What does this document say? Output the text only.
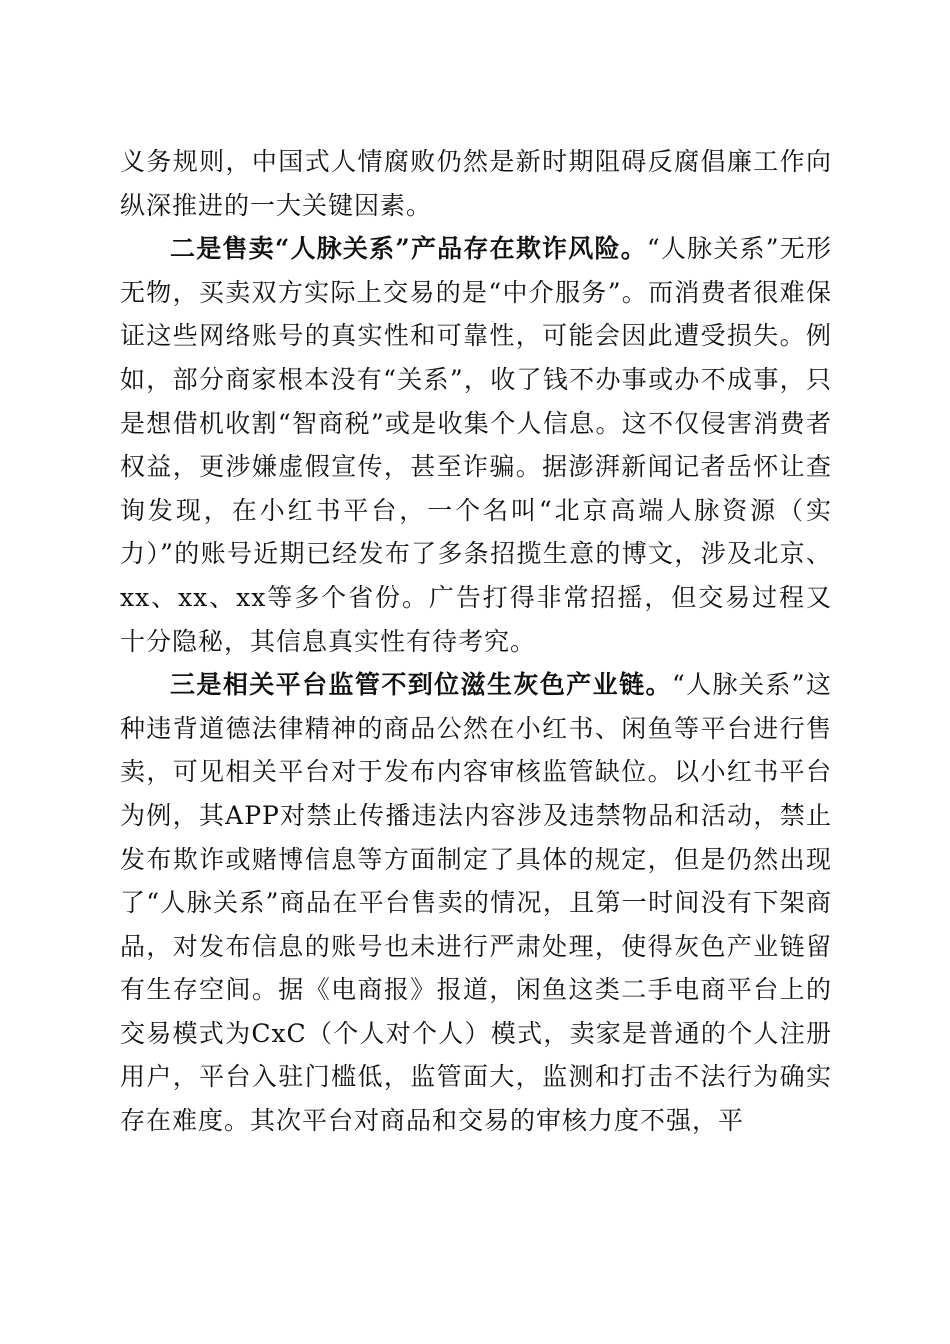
义务规则，中国式人情腐败仍然是新时期阻碍反腐倡廉工作向纵深推进的一大关键因素。

二是售卖“人脉关系”产品存在欺诈风险。“人脉关系”无形无物，买卖双方实际上交易的是“中介服务”。而消费者很难保证这些网络账号的真实性和可靠性，可能会因此遭受损失。例如，部分商家根本没有“关系”，收了钱不办事或办不成事，只是想借机收割“智商税”或是收集个人信息。这不仅侵害消费者权益，更涉嫌虚假宣传，甚至诈骗。据澎湃新闻记者岳怀让查询发现，在小红书平台，一个名叫“北京高端人脉资源（实力）”的账号近期已经发布了多条招揽生意的博文，涉及北京、xx、xx、xx等多个省份。广告打得非常招摇，但交易过程又十分隐秘，其信息真实性有待考究。

三是相关平台监管不到位滋生灰色产业链。“人脉关系”这种违背道德法律精神的商品公然在小红书、闲鱼等平台进行售卖，可见相关平台对于发布内容审核监管缺位。以小红书平台为例，其APP对禁止传播违法内容涉及违禁物品和活动，禁止发布欺诈或赌博信息等方面制定了具体的规定，但是仍然出现了“人脉关系”商品在平台售卖的情况，且第一时间没有下架商品，对发布信息的账号也未进行严肃处理，使得灰色产业链留有生存空间。据《电商报》报道，闲鱼这类二手电商平台上的交易模式为CxC（个人对个人）模式，卖家是普通的个人注册用户，平台入驻门槛低，监管面大，监测和打击不法行为确实存在难度。其次平台对商品和交易的审核力度不强，平
